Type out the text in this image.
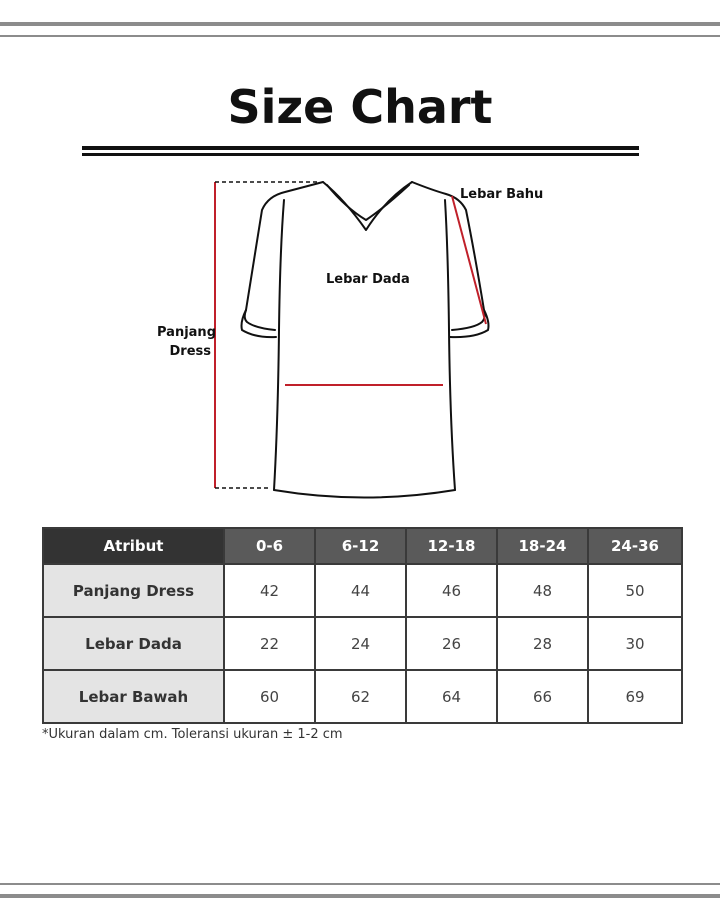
Size Chart
Lebar Bahu
Lebar Dada
Panjang
Dress
Atribut	0-6	6-12	12-18	18-24	24-36
Panjang Dress	42	44	46	48	50
Lebar Dada	22	24	26	28	30
Lebar Bawah	60	62	64	66	69
*Ukuran dalam cm. Toleransi ukuran ± 1-2 cm
